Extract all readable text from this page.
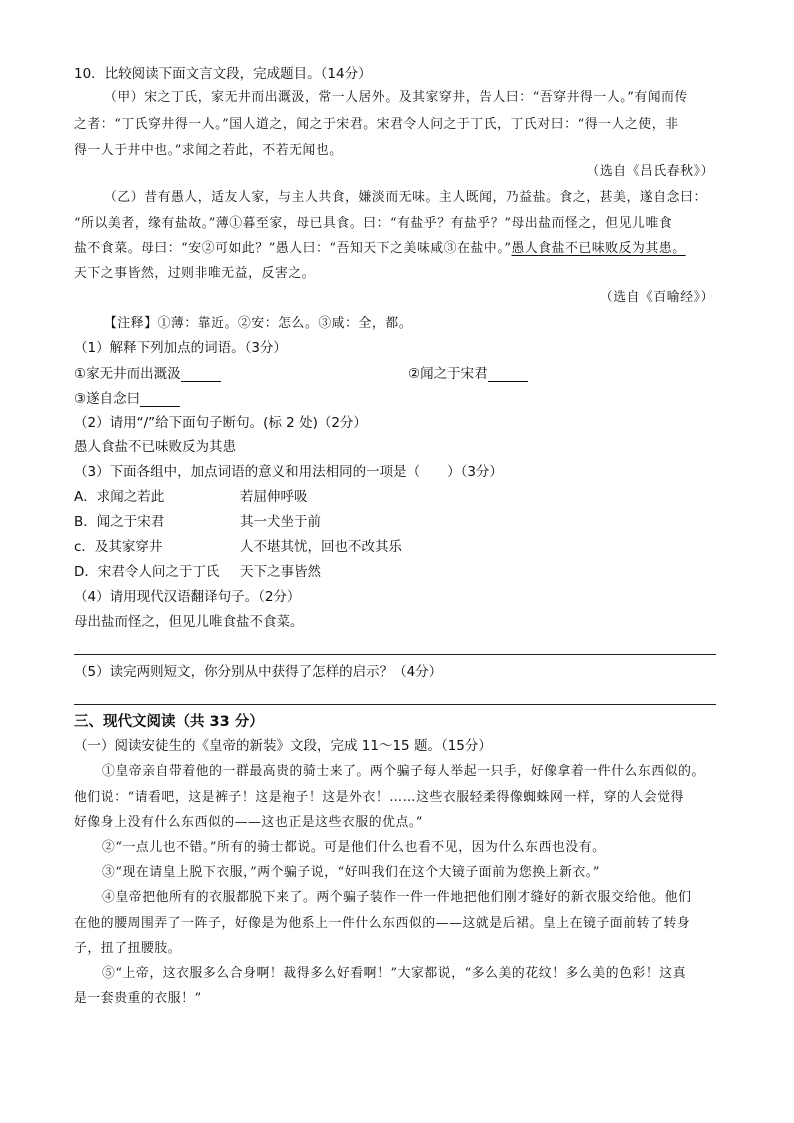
10．比较阅读下面文言文段，完成题目。（14分）
（甲）宋之丁氏，家无井而出溉汲，常一人居外。及其家穿井，告人曰：“吾穿井得一人。”有闻而传
之者：“丁氏穿井得一人。”国人道之，闻之于宋君。宋君令人问之于丁氏，丁氏对曰：“得一人之使，非
得一人于井中也。”求闻之若此，不若无闻也。
（选自《吕氏春秋》）
（乙）昔有愚人，适友人家，与主人共食，嫌淡而无味。主人既闻，乃益盐。食之，甚美，遂自念曰：
“所以美者，缘有盐故。”薄①暮至家，母已具食。曰：“有盐乎？有盐乎？”母出盐而怪之，但见儿唯食
盐不食菜。母曰：“安②可如此？”愚人曰：“吾知天下之美味咸③在盐中。”愚人食盐不已味败反为其患。
天下之事皆然，过则非唯无益，反害之。
（选自《百喻经》）
【注释】①薄：靠近。②安：怎么。③咸：全，都。
（1）解释下列加点的词语。（3分）
①家无井而出溉汲	②闻之于宋君
③遂自念曰
（2）请用“/”给下面句子断句。(标 2 处)（2分）
愚人食盐不已味败反为其患
（3）下面各组中，加点词语的意义和用法相同的一项是（　　）（3分）
A．求闻之若此	若屈伸呼吸
B．闻之于宋君	其一犬坐于前
c．及其家穿井	人不堪其忧，回也不改其乐
D．宋君令人问之于丁氏 天下之事皆然
（4）请用现代汉语翻译句子。（2分）
母出盐而怪之，但见儿唯食盐不食菜。
（5）读完两则短文，你分别从中获得了怎样的启示？（4分）
三、现代文阅读（共 33 分）
（一）阅读安徒生的《皇帝的新装》文段，完成 11～15 题。（15分）
①皇帝亲自带着他的一群最高贵的骑士来了。两个骗子每人举起一只手，好像拿着一件什么东西似的。
他们说：“请看吧，这是裤子！这是袍子！这是外衣！……这些衣服轻柔得像蜘蛛网一样，穿的人会觉得
好像身上没有什么东西似的——这也正是这些衣服的优点。”
②“一点儿也不错。”所有的骑士都说。可是他们什么也看不见，因为什么东西也没有。
③“现在请皇上脱下衣服，”两个骗子说，“好叫我们在这个大镜子面前为您换上新衣。”
④皇帝把他所有的衣服都脱下来了。两个骗子装作一件一件地把他们刚才缝好的新衣服交给他。他们
在他的腰周围弄了一阵子，好像是为他系上一件什么东西似的——这就是后裙。皇上在镜子面前转了转身
子，扭了扭腰肢。
⑤“上帝，这衣服多么合身啊！裁得多么好看啊！”大家都说，“多么美的花纹！多么美的色彩！这真
是一套贵重的衣服！”
